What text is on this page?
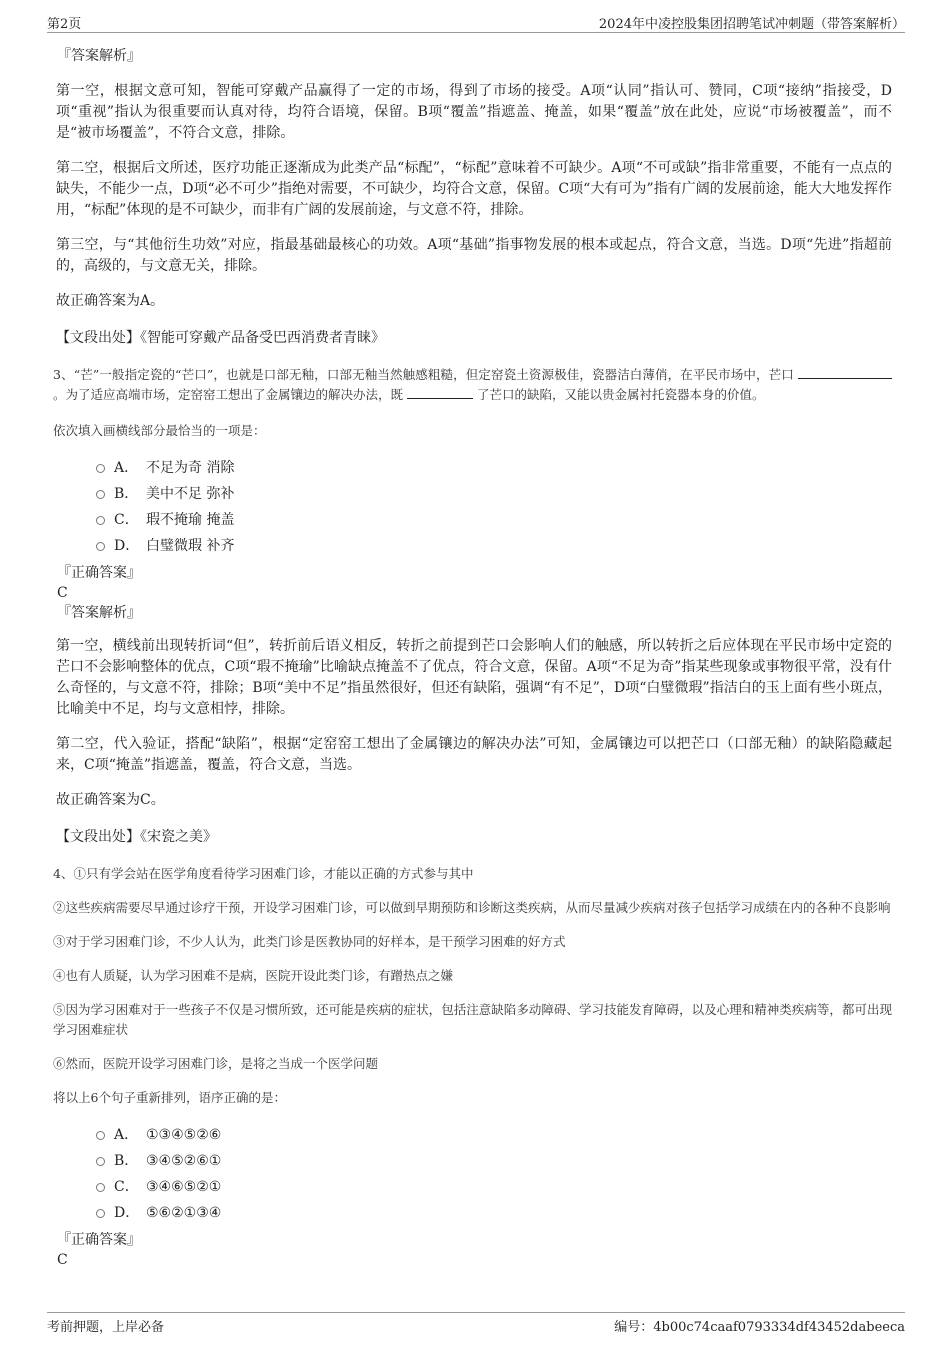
第2页	2024年中凌控股集团招聘笔试冲刺题（带答案解析）
『答案解析』

第一空，根据文意可知，智能可穿戴产品赢得了一定的市场，得到了市场的接受。A项“认同”指认可、赞同，C项“接纳”指接受，D项“重视”指认为很重要而认真对待，均符合语境，保留。B项“覆盖”指遮盖、掩盖，如果“覆盖”放在此处，应说“市场被覆盖”，而不是“被市场覆盖”，不符合文意，排除。

第二空，根据后文所述，医疗功能正逐渐成为此类产品“标配”，“标配”意味着不可缺少。A项“不可或缺”指非常重要，不能有一点点的缺失，不能少一点，D项“必不可少”指绝对需要，不可缺少，均符合文意，保留。C项“大有可为”指有广阔的发展前途，能大大地发挥作用，“标配”体现的是不可缺少，而非有广阔的发展前途，与文意不符，排除。

第三空，与“其他衍生功效”对应，指最基础最核心的功效。A项“基础”指事物发展的根本或起点，符合文意，当选。D项“先进”指超前的，高级的，与文意无关，排除。

故正确答案为A。

【文段出处】《智能可穿戴产品备受巴西消费者青睐》

3、“芒”一般指定瓷的“芒口”，也就是口部无釉，口部无釉当然触感粗糙，但定窑瓷土资源极佳，瓷器洁白薄俏，在平民市场中，芒口  。为了适应高端市场，定窑窑工想出了金属镶边的解决办法，既	了芒口的缺陷，又能以贵金属衬托瓷器本身的价值。

依次填入画横线部分最恰当的一项是：

A． 不足为奇 消除
B． 美中不足 弥补
C． 瑕不掩瑜 掩盖
D． 白璧微瑕 补齐
『正确答案』
C
『答案解析』

第一空，横线前出现转折词“但”，转折前后语义相反，转折之前提到芒口会影响人们的触感，所以转折之后应体现在平民市场中定瓷的芒口不会影响整体的优点，C项“瑕不掩瑜”比喻缺点掩盖不了优点，符合文意，保留。A项“不足为奇”指某些现象或事物很平常，没有什么奇怪的，与文意不符，排除；B项“美中不足”指虽然很好，但还有缺陷，强调“有不足”，D项“白璧微瑕”指洁白的玉上面有些小斑点，比喻美中不足，均与文意相悖，排除。

第二空，代入验证，搭配“缺陷”，根据“定窑窑工想出了金属镶边的解决办法”可知，金属镶边可以把芒口（口部无釉）的缺陷隐藏起来，C项“掩盖”指遮盖，覆盖，符合文意，当选。

故正确答案为C。

【文段出处】《宋瓷之美》

4、①只有学会站在医学角度看待学习困难门诊，才能以正确的方式参与其中

②这些疾病需要尽早通过诊疗干预，开设学习困难门诊，可以做到早期预防和诊断这类疾病，从而尽量减少疾病对孩子包括学习成绩在内的各种不良影响

③对于学习困难门诊，不少人认为，此类门诊是医教协同的好样本，是干预学习困难的好方式

④也有人质疑，认为学习困难不是病，医院开设此类门诊，有蹭热点之嫌

⑤因为学习困难对于一些孩子不仅是习惯所致，还可能是疾病的症状，包括注意缺陷多动障碍、学习技能发育障碍，以及心理和精神类疾病等，都可出现学习困难症状

⑥然而，医院开设学习困难门诊，是将之当成一个医学问题

将以上6个句子重新排列，语序正确的是：

A． ①③④⑤②⑥
B． ③④⑤②⑥①
C． ③④⑥⑤②①
D． ⑤⑥②①③④
『正确答案』
C
考前押题，上岸必备	编号：4b00c74caaf0793334df43452dabeeca
